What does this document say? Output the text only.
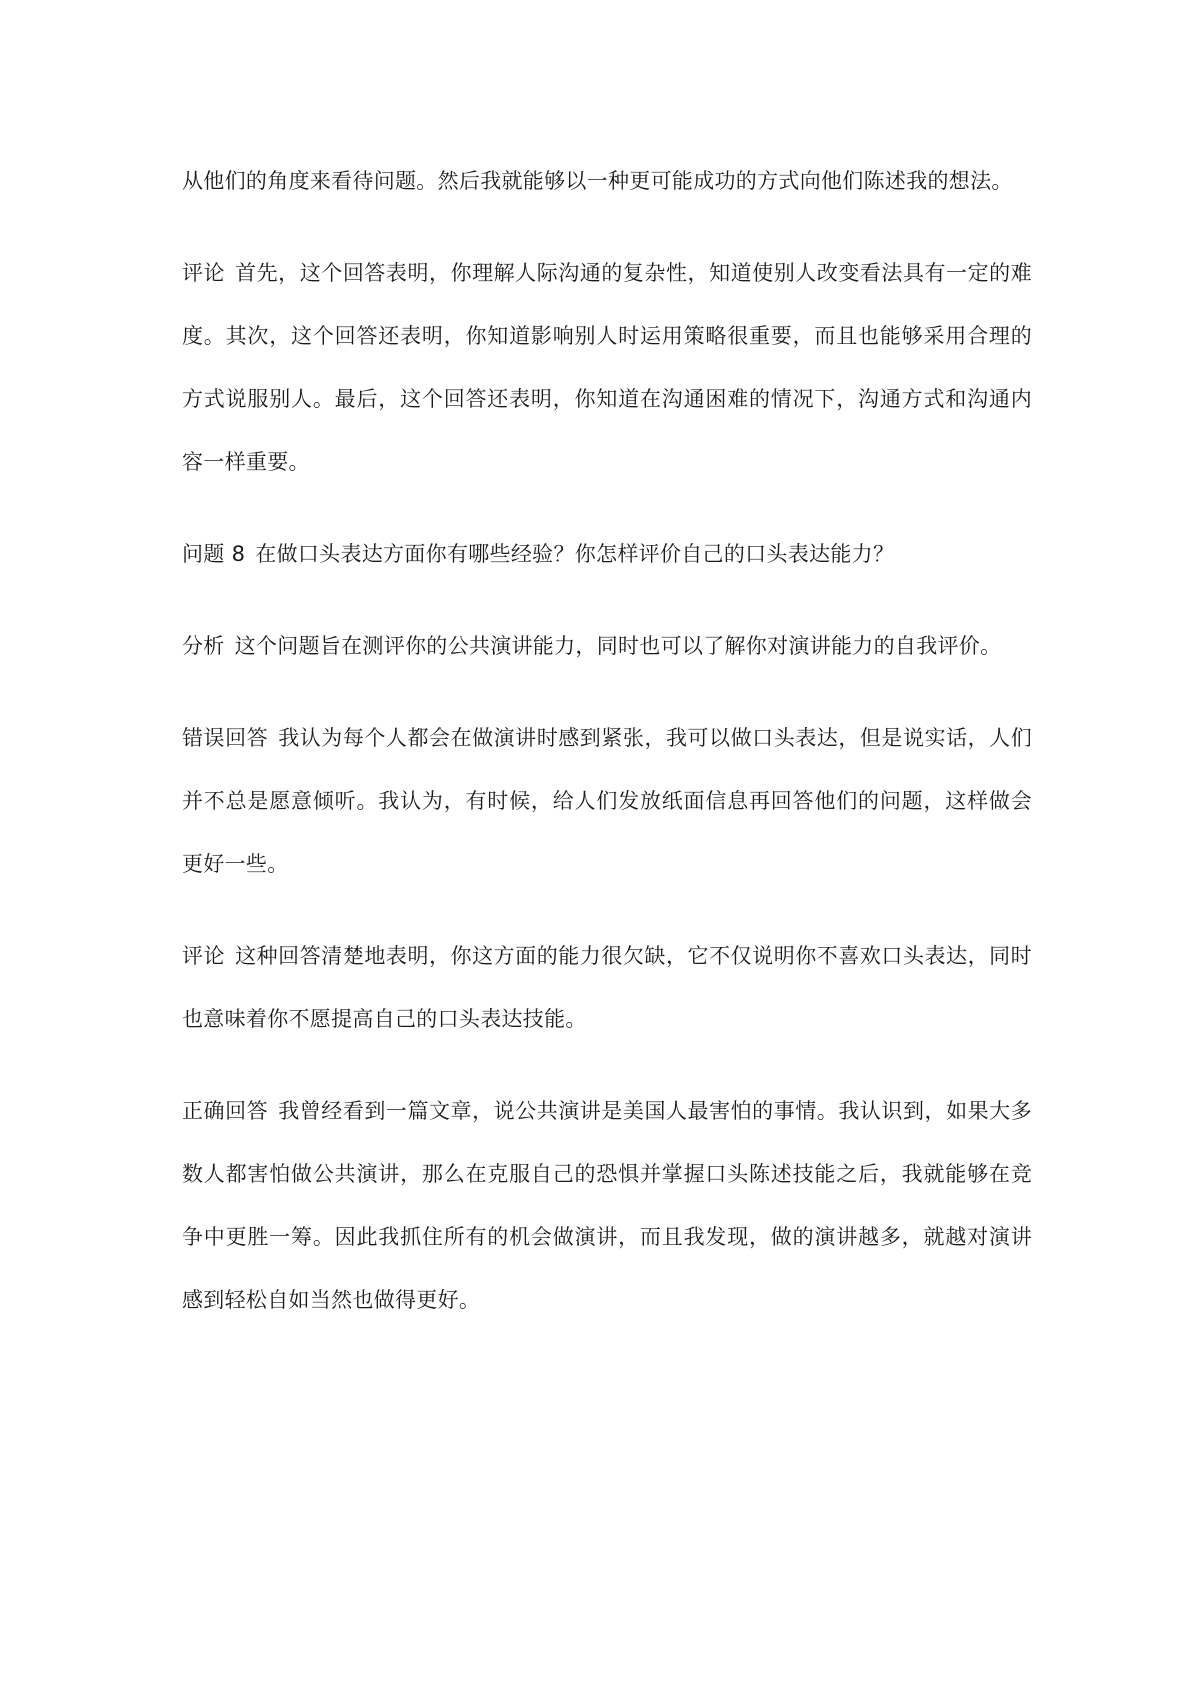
从他们的角度来看待问题。然后我就能够以一种更可能成功的方式向他们陈述我的想法。

评论 首先，这个回答表明，你理解人际沟通的复杂性，知道使别人改变看法具有一定的难度。其次，这个回答还表明，你知道影响别人时运用策略很重要，而且也能够采用合理的方式说服别人。最后，这个回答还表明，你知道在沟通困难的情况下，沟通方式和沟通内容一样重要。

问题 8 在做口头表达方面你有哪些经验？你怎样评价自己的口头表达能力？

分析 这个问题旨在测评你的公共演讲能力，同时也可以了解你对演讲能力的自我评价。

错误回答 我认为每个人都会在做演讲时感到紧张，我可以做口头表达，但是说实话，人们并不总是愿意倾听。我认为，有时候，给人们发放纸面信息再回答他们的问题，这样做会更好一些。

评论 这种回答清楚地表明，你这方面的能力很欠缺，它不仅说明你不喜欢口头表达，同时也意味着你不愿提高自己的口头表达技能。

正确回答 我曾经看到一篇文章，说公共演讲是美国人最害怕的事情。我认识到，如果大多数人都害怕做公共演讲，那么在克服自己的恐惧并掌握口头陈述技能之后，我就能够在竞争中更胜一筹。因此我抓住所有的机会做演讲，而且我发现，做的演讲越多，就越对演讲感到轻松自如当然也做得更好。
